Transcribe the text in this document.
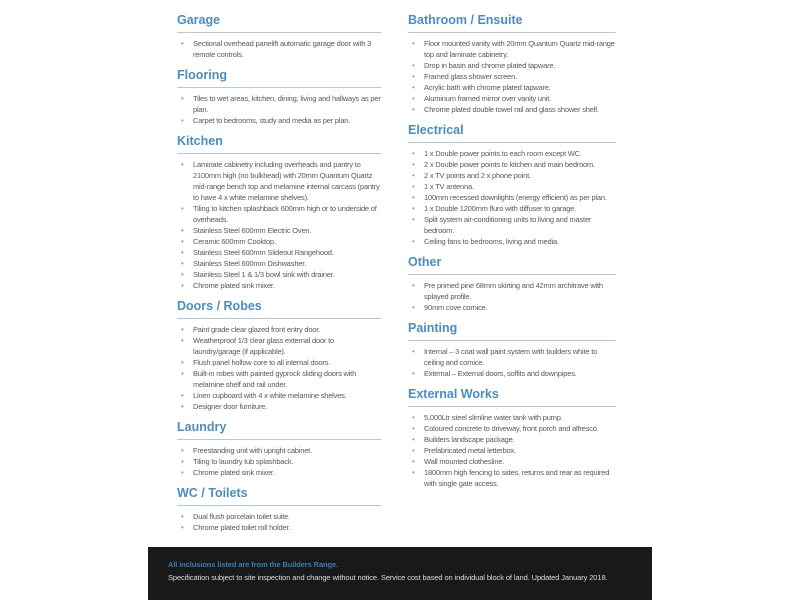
Garage
• Sectional overhead panelift automatic garage door with 3 remote controls.
Flooring
• Tiles to wet areas, kitchen, dining, living and hallways as per plan.
• Carpet to bedrooms, study and media as per plan.
Kitchen
• Laminate cabinetry including overheads and pantry to 2100mm high (no bulkhead) with 20mm Quantum Quartz mid-range bench top and melamine internal carcass (pantry to have 4 x white melamine shelves).
• Tiling to kitchen splashback 600mm high or to underside of overheads.
• Stainless Steel 600mm Electric Oven.
• Ceramic 600mm Cooktop.
• Stainless Steel 600mm Slideout Rangehood.
• Stainless Steel 600mm Dishwasher.
• Stainless Steel 1 & 1/3 bowl sink with drainer.
• Chrome plated sink mixer.
Doors / Robes
• Paint grade clear glazed front entry door.
• Weatherproof 1/3 clear glass external door to laundry/garage (if applicable).
• Flush panel hollow core to all internal doors.
• Built-in robes with painted gyprock sliding doors with melamine shelf and rail under.
• Linen cupboard with 4 x white melamine shelves.
• Designer door furniture.
Laundry
• Freestanding unit with upright cabinet.
• Tiling to laundry tub splashback.
• Chrome plated sink mixer.
WC / Toilets
• Dual flush porcelain toilet suite.
• Chrome plated toilet roll holder.
Bathroom / Ensuite
• Floor mounted vanity with 20mm Quantum Quartz mid-range top and laminate cabinetry.
• Drop in basin and chrome plated tapware.
• Framed glass shower screen.
• Acrylic bath with chrome plated tapware.
• Aluminum framed mirror over vanity unit.
• Chrome plated double towel rail and glass shower shelf.
Electrical
• 1 x Double power points to each room except WC.
• 2 x Double power points to kitchen and main bedroom.
• 2 x TV points and 2 x phone point.
• 1 x TV antenna.
• 100mm recessed downlights (energy efficient) as per plan.
• 1 x Double 1200mm fluro with diffuser to garage.
• Split system air-conditioning units to living and master bedroom.
• Ceiling fans to bedrooms, living and media.
Other
• Pre primed pine 68mm skirting and 42mm architrave with splayed profile.
• 90mm cove cornice.
Painting
• Internal – 3 coat wall paint system with builders white to ceiling and cornice.
• External – External doors, soffits and downpipes.
External Works
• 5,000Ltr steel slimline water tank with pump.
• Coloured concrete to driveway, front porch and alfresco.
• Builders landscape package.
• Prefabricated metal letterbox.
• Wall mounted clothesline.
• 1800mm high fencing to sides, returns and rear as required with single gate access.
All inclusions listed are from the Builders Range.
Specification subject to site inspection and change without notice. Service cost based on individual block of land. Updated January 2018.
